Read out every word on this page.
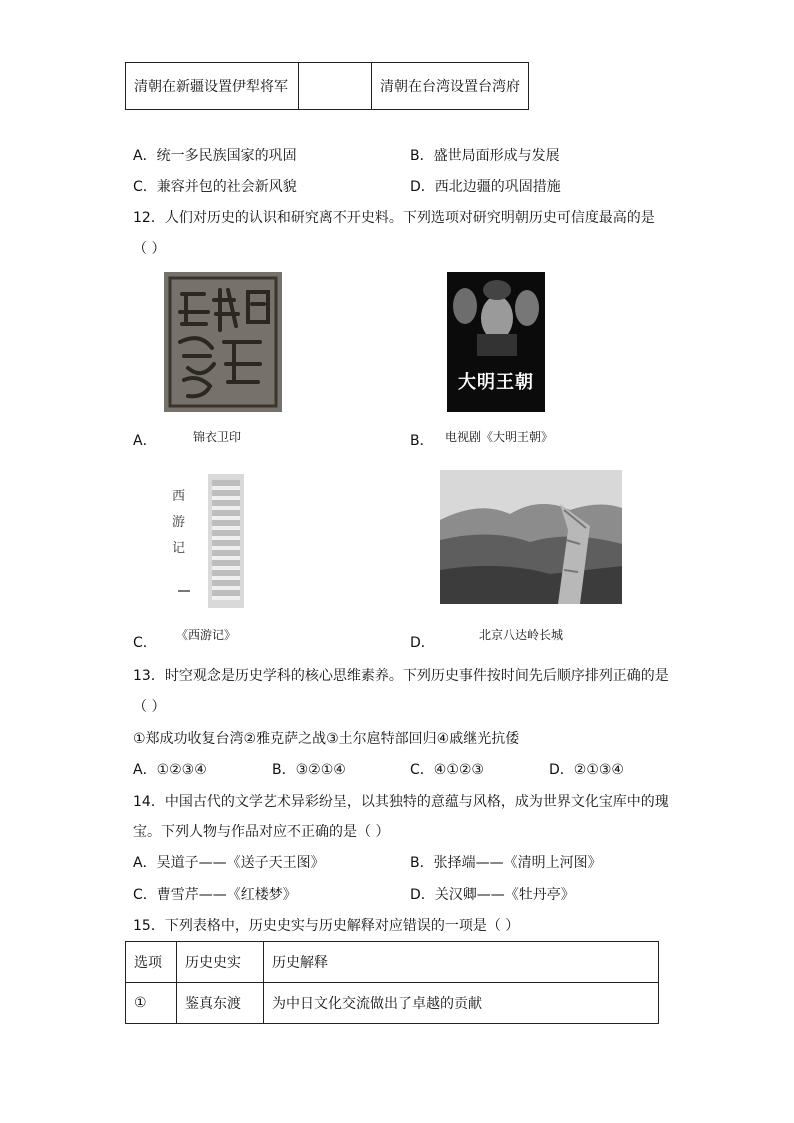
清朝在新疆设置伊犁将军		清朝在台湾设置台湾府
A．统一多民族国家的巩固	B．盛世局面形成与发展
C．兼容并包的社会新风貌	D．西北边疆的巩固措施
12．人们对历史的认识和研究离不开史料。下列选项对研究明朝历史可信度最高的是
（ ）
A．	锦衣卫印
大明王朝
B． 电视剧《大明王朝》
西游记
C． 《西游记》	D．	北京八达岭长城
13．时空观念是历史学科的核心思维素养。下列历史事件按时间先后顺序排列正确的是
（ ）
①郑成功收复台湾②雅克萨之战③土尔扈特部回归④戚继光抗倭
A．①②③④	B．③②①④	C．④①②③	D．②①③④
14．中国古代的文学艺术异彩纷呈，以其独特的意蕴与风格，成为世界文化宝库中的瑰
宝。下列人物与作品对应不正确的是（ ）
A．吴道子——《送子天王图》	B．张择端——《清明上河图》
C．曹雪芹——《红楼梦》	D．关汉卿——《牡丹亭》
15．下列表格中，历史史实与历史解释对应错误的一项是（ ）
选项	历史史实	历史解释
①	鉴真东渡	为中日文化交流做出了卓越的贡献
